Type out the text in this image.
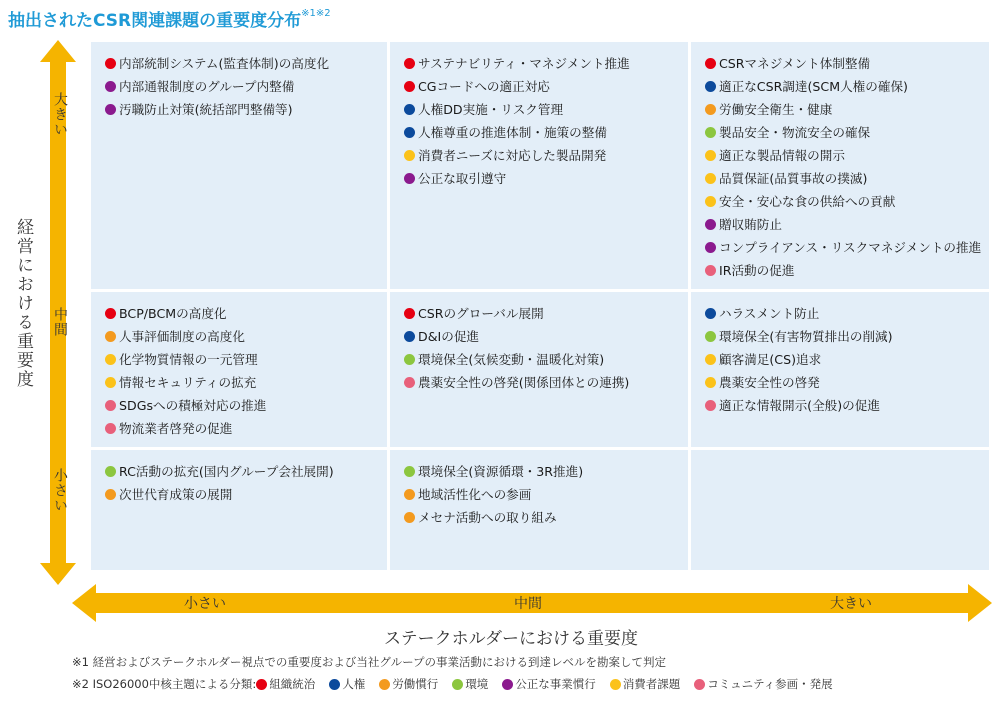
抽出されたCSR関連課題の重要度分布$^{※1※2}$
大きい
中間
小さい
経営における重要度
内部統制システム(監査体制)の高度化
内部通報制度のグループ内整備
汚職防止対策(統括部門整備等)
サステナビリティ・マネジメント推進
CGコードへの適正対応
人権DD実施・リスク管理
人権尊重の推進体制・施策の整備
消費者ニーズに対応した製品開発
公正な取引遵守
CSRマネジメント体制整備
適正なCSR調達(SCM人権の確保)
労働安全衛生・健康
製品安全・物流安全の確保
適正な製品情報の開示
品質保証(品質事故の撲滅)
安全・安心な食の供給への貢献
贈収賄防止
コンプライアンス・リスクマネジメントの推進
IR活動の促進
BCP/BCMの高度化
人事評価制度の高度化
化学物質情報の一元管理
情報セキュリティの拡充
SDGsへの積極対応の推進
物流業者啓発の促進
CSRのグローバル展開
D&Iの促進
環境保全(気候変動・温暖化対策)
農薬安全性の啓発(関係団体との連携)
ハラスメント防止
環境保全(有害物質排出の削減)
顧客満足(CS)追求
農薬安全性の啓発
適正な情報開示(全般)の促進
RC活動の拡充(国内グループ会社展開)
次世代育成策の展開
環境保全(資源循環・3R推進)
地域活性化への参画
メセナ活動への取り組み
小さい	中間	大きい
ステークホルダーにおける重要度
※1 経営およびステークホルダー視点での重要度および当社グループの事業活動における到達レベルを勘案して判定
※2 ISO26000中核主題による分類: 組織統治 人権 労働慣行 環境 公正な事業慣行 消費者課題 コミュニティ参画・発展
